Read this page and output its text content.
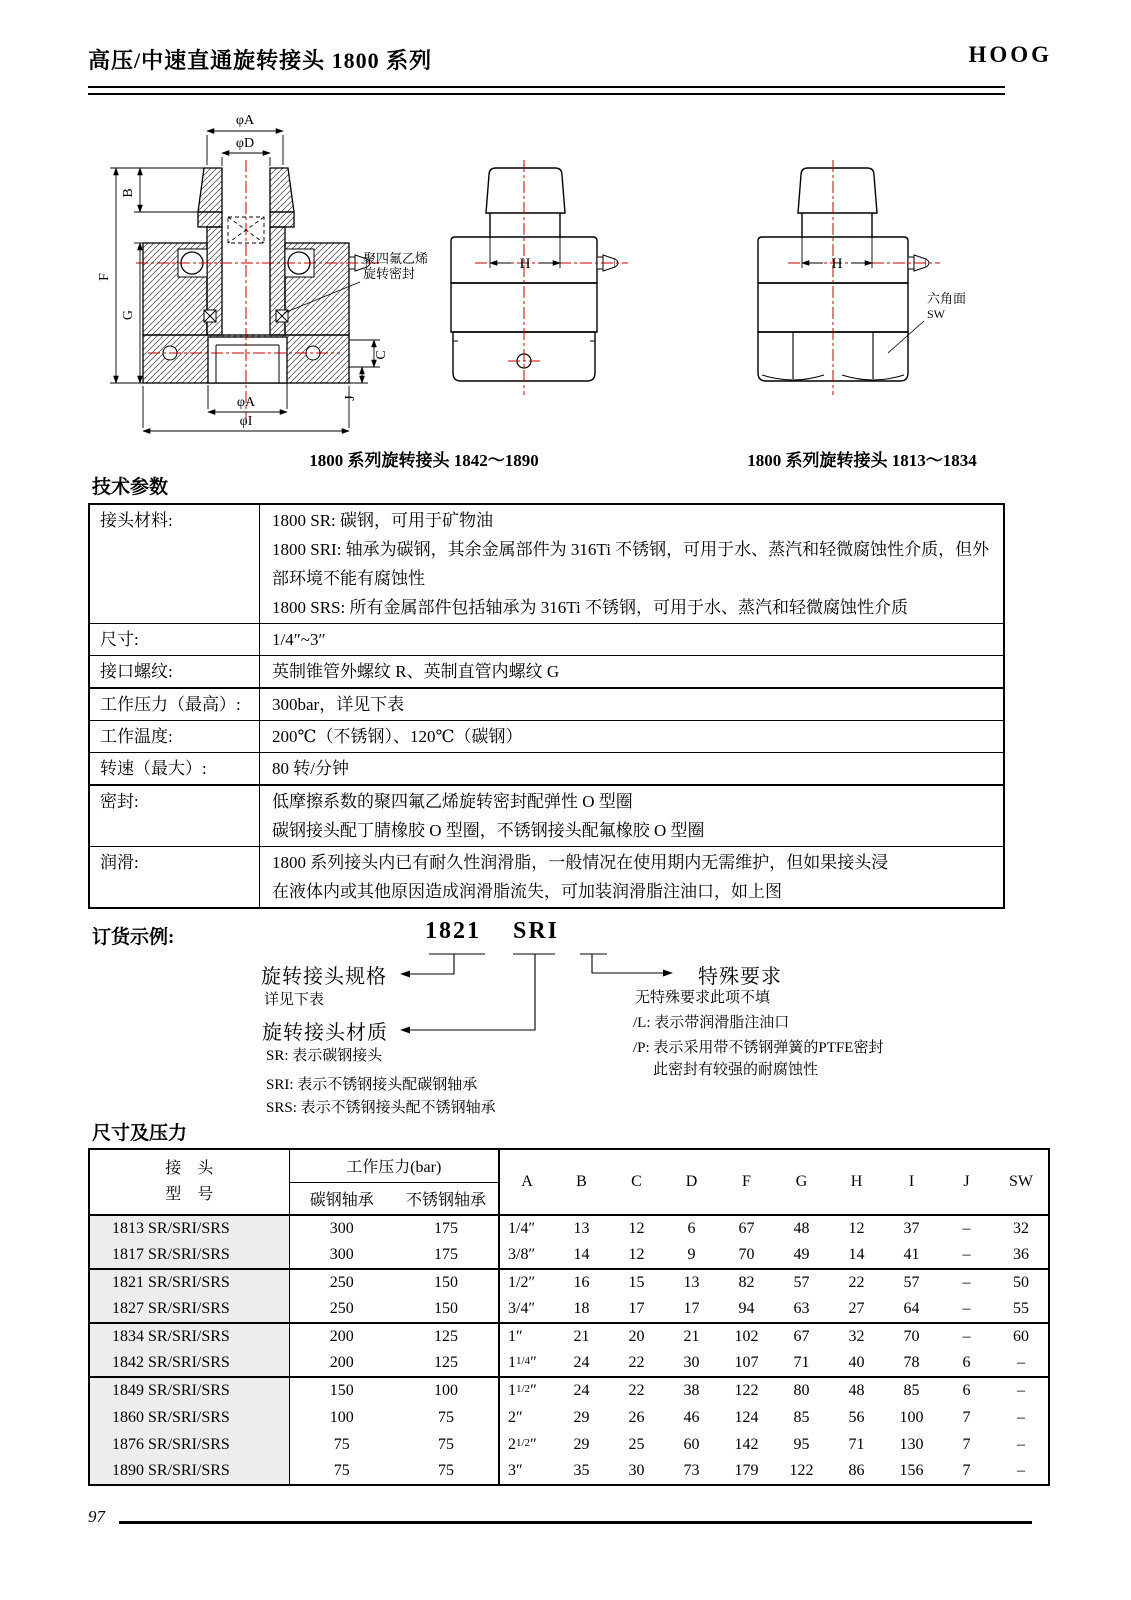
高压/中速直通旋转接头 1800 系列	HOOG
φA
φD
B
F
G
C
J
φA
φI
聚四氟乙烯
旋转密封
H	H
六角面
SW
1800 系列旋转接头 1842～1890	1800 系列旋转接头 1813～1834
技术参数
接头材料:	1800 SR: 碳钢，可用于矿物油
1800 SRI: 轴承为碳钢，其余金属部件为 316Ti 不锈钢，可用于水、蒸汽和轻微腐蚀性介质，但外部环境不能有腐蚀性
1800 SRS: 所有金属部件包括轴承为 316Ti 不锈钢，可用于水、蒸汽和轻微腐蚀性介质
尺寸:	1/4″~3″
接口螺纹:	英制锥管外螺纹 R、英制直管内螺纹 G
工作压力（最高）:	300bar，详见下表
工作温度:	200℃（不锈钢）、120℃（碳钢）
转速（最大）:	80 转/分钟
密封:	低摩擦系数的聚四氟乙烯旋转密封配弹性 O 型圈
碳钢接头配丁腈橡胶 O 型圈，不锈钢接头配氟橡胶 O 型圈
润滑:	1800 系列接头内已有耐久性润滑脂，一般情况在使用期内无需维护，但如果接头浸
在液体内或其他原因造成润滑脂流失，可加装润滑脂注油口，如上图
订货示例:	1821 SRI
旋转接头规格
详见下表
旋转接头材质
SR: 表示碳钢接头
SRI: 表示不锈钢接头配碳钢轴承
SRS: 表示不锈钢接头配不锈钢轴承
特殊要求
无特殊要求此项不填
/L: 表示带润滑脂注油口
/P: 表示采用带不锈钢弹簧的PTFE密封
此密封有较强的耐腐蚀性
尺寸及压力
接　头
型　号	工作压力(bar)		A	B	C	D	F	G	H	I	J	SW
	碳钢轴承	不锈钢轴承										
1813 SR/SRI/SRS	300	175	1/4″	13	12	6	67	48	12	37	–	32
1817 SR/SRI/SRS	300	175	3/8″	14	12	9	70	49	14	41	–	36
1821 SR/SRI/SRS	250	150	1/2″	16	15	13	82	57	22	57	–	50
1827 SR/SRI/SRS	250	150	3/4″	18	17	17	94	63	27	64	–	55
1834 SR/SRI/SRS	200	125	1″	21	20	21	102	67	32	70	–	60
1842 SR/SRI/SRS	200	125	11/4″	24	22	30	107	71	40	78	6	–
1849 SR/SRI/SRS	150	100	11/2″	24	22	38	122	80	48	85	6	–
1860 SR/SRI/SRS	100	75	2″	29	26	46	124	85	56	100	7	–
1876 SR/SRI/SRS	75	75	21/2″	29	25	60	142	95	71	130	7	–
1890 SR/SRI/SRS	75	75	3″	35	30	73	179	122	86	156	7	–
97
